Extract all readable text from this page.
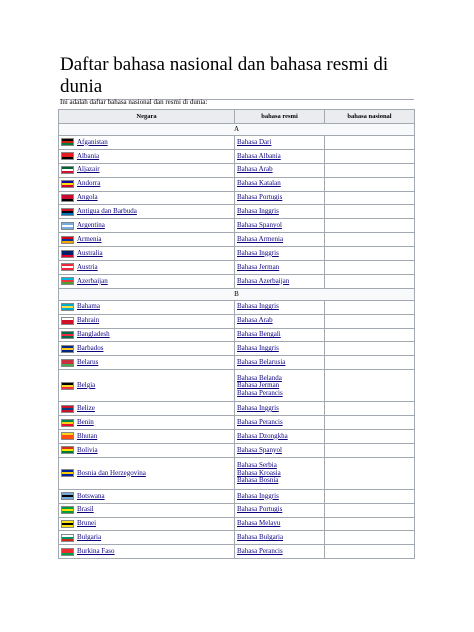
Daftar bahasa nasional dan bahasa resmi di dunia
Ini adalah daftar bahasa nasional dan resmi di dunia:
Negara	bahasa resmi	bahasa nasional
A		

Afganistan	Bahasa Dari	

Albania	Bahasa Albania	

Aljazair	Bahasa Arab	

Andorra	Bahasa Katalan	

Angola	Bahasa Portugis	

Antigua dan Barbuda	Bahasa Inggris	

Argentina	Bahasa Spanyol	

Armenia	Bahasa Armenia	

Australia	Bahasa Inggris	

Austria	Bahasa Jerman	

Azerbaijan	Bahasa Azerbaijan	

B		

Bahama	Bahasa Inggris	

Bahrain	Bahasa Arab	

Bangladesh	Bahasa Bengali	

Barbados	Bahasa Inggris	

Belarus	Bahasa Belarusia	

Belgia	Bahasa Belanda
Bahasa Jerman
Bahasa Perancis	

Belize	Bahasa Inggris	

Benin	Bahasa Perancis	

Bhutan	Bahasa Dzongkha	

Bolivia	Bahasa Spanyol	

Bosnia dan Herzegovina	Bahasa Serbia
Bahasa Kroasia
Bahasa Bosnia	

Botswana	Bahasa Inggris	

Brasil	Bahasa Portugis	

Brunei	Bahasa Melayu	

Bulgaria	Bahasa Bulgaria	

Burkina Faso	Bahasa Perancis	
